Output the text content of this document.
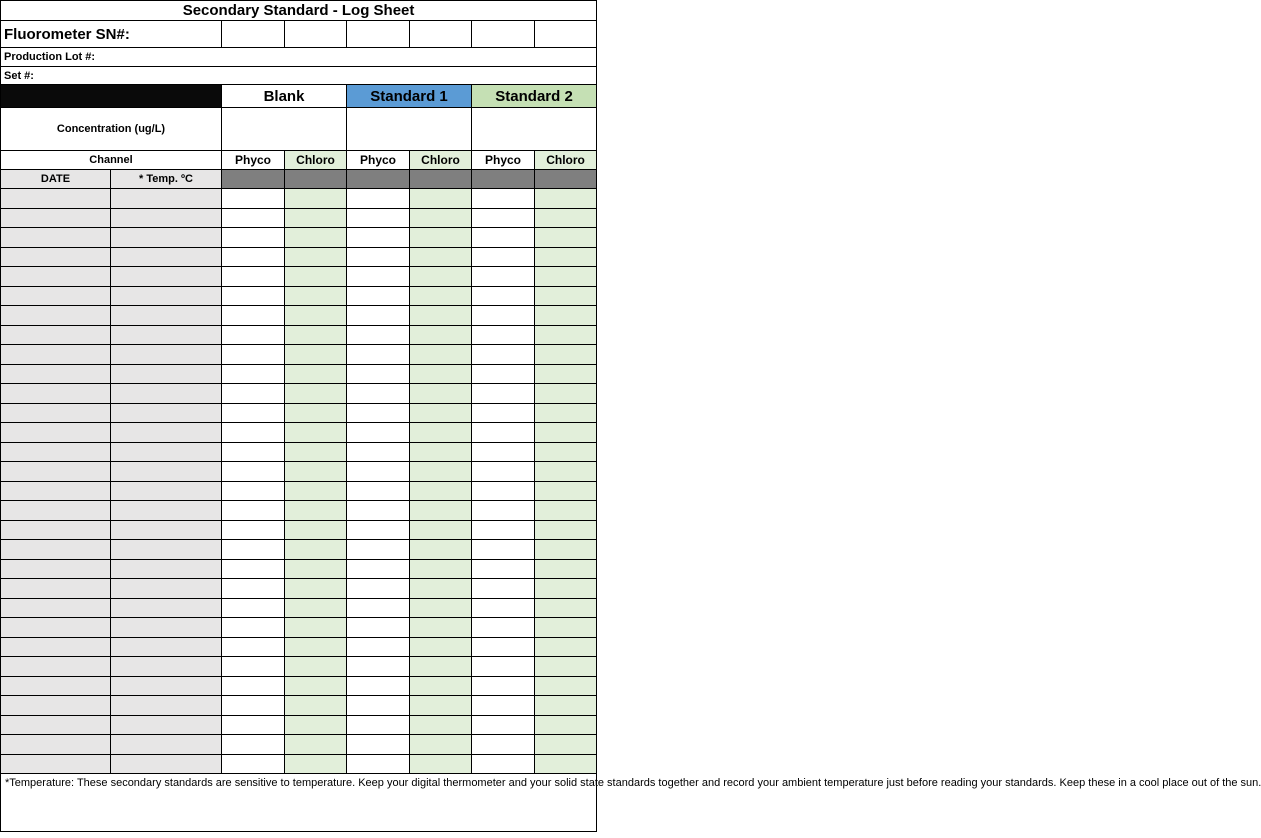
Secondary Standard - Log Sheet							
Fluorometer SN#:							
Production Lot #:							
Set #:							
		Blank		Standard 1		Standard 2	
Concentration (ug/L)							
Channel		Phyco	Chloro	Phyco	Chloro	Phyco	Chloro
DATE	* Temp. ºC						

*Temperature: These secondary standards are sensitive to temperature. Keep your digital thermometer and your solid state standards together and record your ambient temperature just before reading your standards. Keep these in a cool place out of the sun.							
